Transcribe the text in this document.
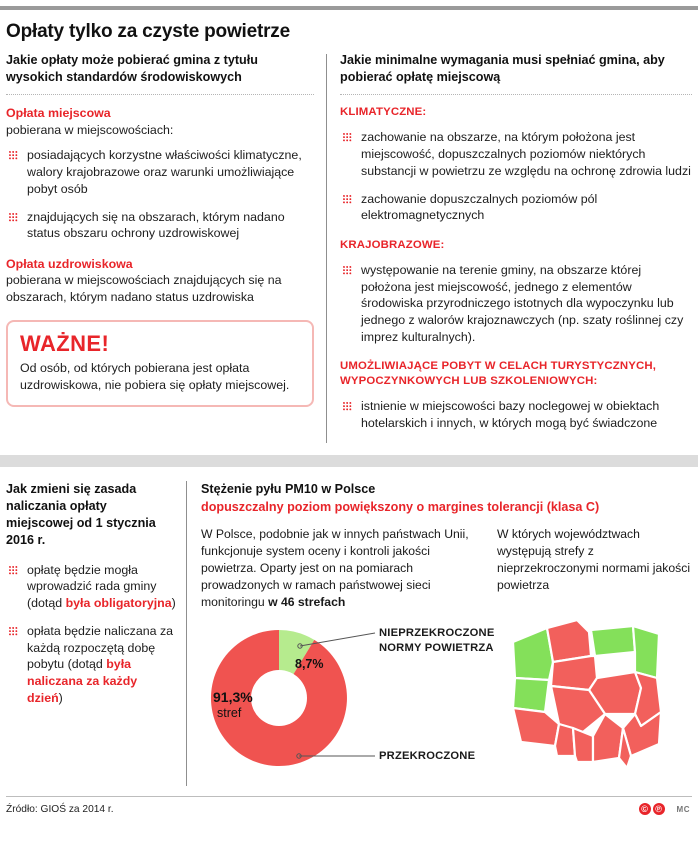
Opłaty tylko za czyste powietrze
Jakie opłaty może pobierać gmina z tytułu wysokich standardów środowiskowych
Opłata miejscowa
pobierana w miejscowościach:
posiadających korzystne właściwości klimatyczne, walory krajobrazowe oraz warunki umożliwiające pobyt osób
znajdujących się na obszarach, którym nadano status obszaru ochrony uzdrowiskowej
Opłata uzdrowiskowa
pobierana w miejscowościach znajdujących się na obszarach, którym nadano status uzdrowiska
WAŻNE!
Od osób, od których pobierana jest opłata uzdrowiskowa, nie pobiera się opłaty miejscowej.
Jakie minimalne wymagania musi spełniać gmina, aby pobierać opłatę miejscową
KLIMATYCZNE:
zachowanie na obszarze, na którym położona jest miejscowość, dopuszczalnych poziomów niektórych substancji w powietrzu ze względu na ochronę zdrowia ludzi
zachowanie dopuszczalnych poziomów pól elektromagnetycznych
KRAJOBRAZOWE:
występowanie na terenie gminy, na obszarze której położona jest miejscowość, jednego z elementów środowiska przyrodniczego istotnych dla wypoczynku lub jednego z walorów krajoznawczych (np. szaty roślinnej czy imprez kulturalnych).
UMOŻLIWIAJĄCE POBYT W CELACH TURYSTYCZNYCH, WYPOCZYNKOWYCH LUB SZKOLENIOWYCH:
istnienie w miejscowości bazy noclegowej w obiektach hotelarskich i innych, w których mogą być świadczone
Jak zmieni się zasada naliczania opłaty miejscowej od 1 stycznia 2016 r.
opłatę będzie mogła wprowadzić rada gminy (dotąd była obligatoryjna)
opłata będzie naliczana za każdą rozpoczętą dobę pobytu (dotąd była naliczana za każdy dzień)
Stężenie pyłu PM10 w Polsce
dopuszczalny poziom powiększony o margines tolerancji (klasa C)
W Polsce, podobnie jak w innych państwach Unii, funkcjonuje system oceny i kontroli jakości powietrza. Oparty jest on na pomiarach prowadzonych w ramach państwowej sieci monitoringu w 46 strefach
W których województwach występują strefy z nieprzekroczonymi normami jakości powietrza
91,3%
stref
8,7%
NIEPRZEKROCZONE NORMY POWIETRZA
PRZEKROCZONE
Źródło: GIOŚ za 2014 r.	© ℗	MC
